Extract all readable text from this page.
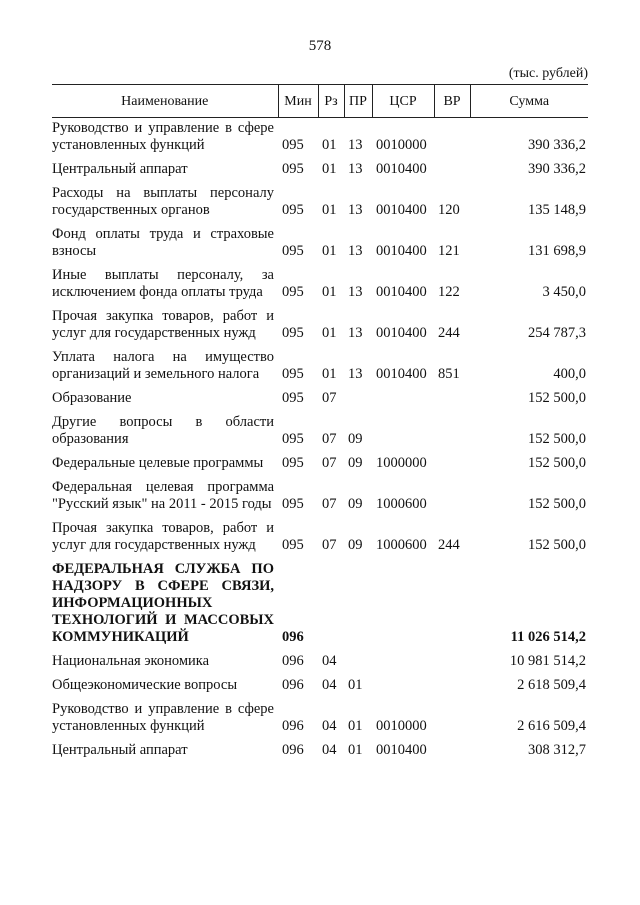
578
(тыс. рублей)
Наименование	Мин	Рз	ПР	ЦСР	ВР	Сумма
Руководство и управление в сфере установленных функций	095	01	13	0010000		390 336,2
Центральный аппарат	095	01	13	0010400		390 336,2
Расходы на выплаты персоналу государственных органов	095	01	13	0010400	120	135 148,9
Фонд оплаты труда и страховые взносы	095	01	13	0010400	121	131 698,9
Иные выплаты персоналу, за исключением фонда оплаты труда	095	01	13	0010400	122	3 450,0
Прочая закупка товаров, работ и услуг для государственных нужд	095	01	13	0010400	244	254 787,3
Уплата налога на имущество организаций и земельного налога	095	01	13	0010400	851	400,0
Образование	095	07				152 500,0
Другие вопросы в области образования	095	07	09			152 500,0
Федеральные целевые программы	095	07	09	1000000		152 500,0
Федеральная целевая программа "Русский язык" на 2011 - 2015 годы	095	07	09	1000600		152 500,0
Прочая закупка товаров, работ и услуг для государственных нужд	095	07	09	1000600	244	152 500,0
ФЕДЕРАЛЬНАЯ СЛУЖБА ПО НАДЗОРУ В СФЕРЕ СВЯЗИ, ИНФОРМАЦИОННЫХ ТЕХНОЛОГИЙ И МАССОВЫХ КОММУНИКАЦИЙ	096					11 026 514,2
Национальная экономика	096	04				10 981 514,2
Общеэкономические вопросы	096	04	01			2 618 509,4
Руководство и управление в сфере установленных функций	096	04	01	0010000		2 616 509,4
Центральный аппарат	096	04	01	0010400		308 312,7
